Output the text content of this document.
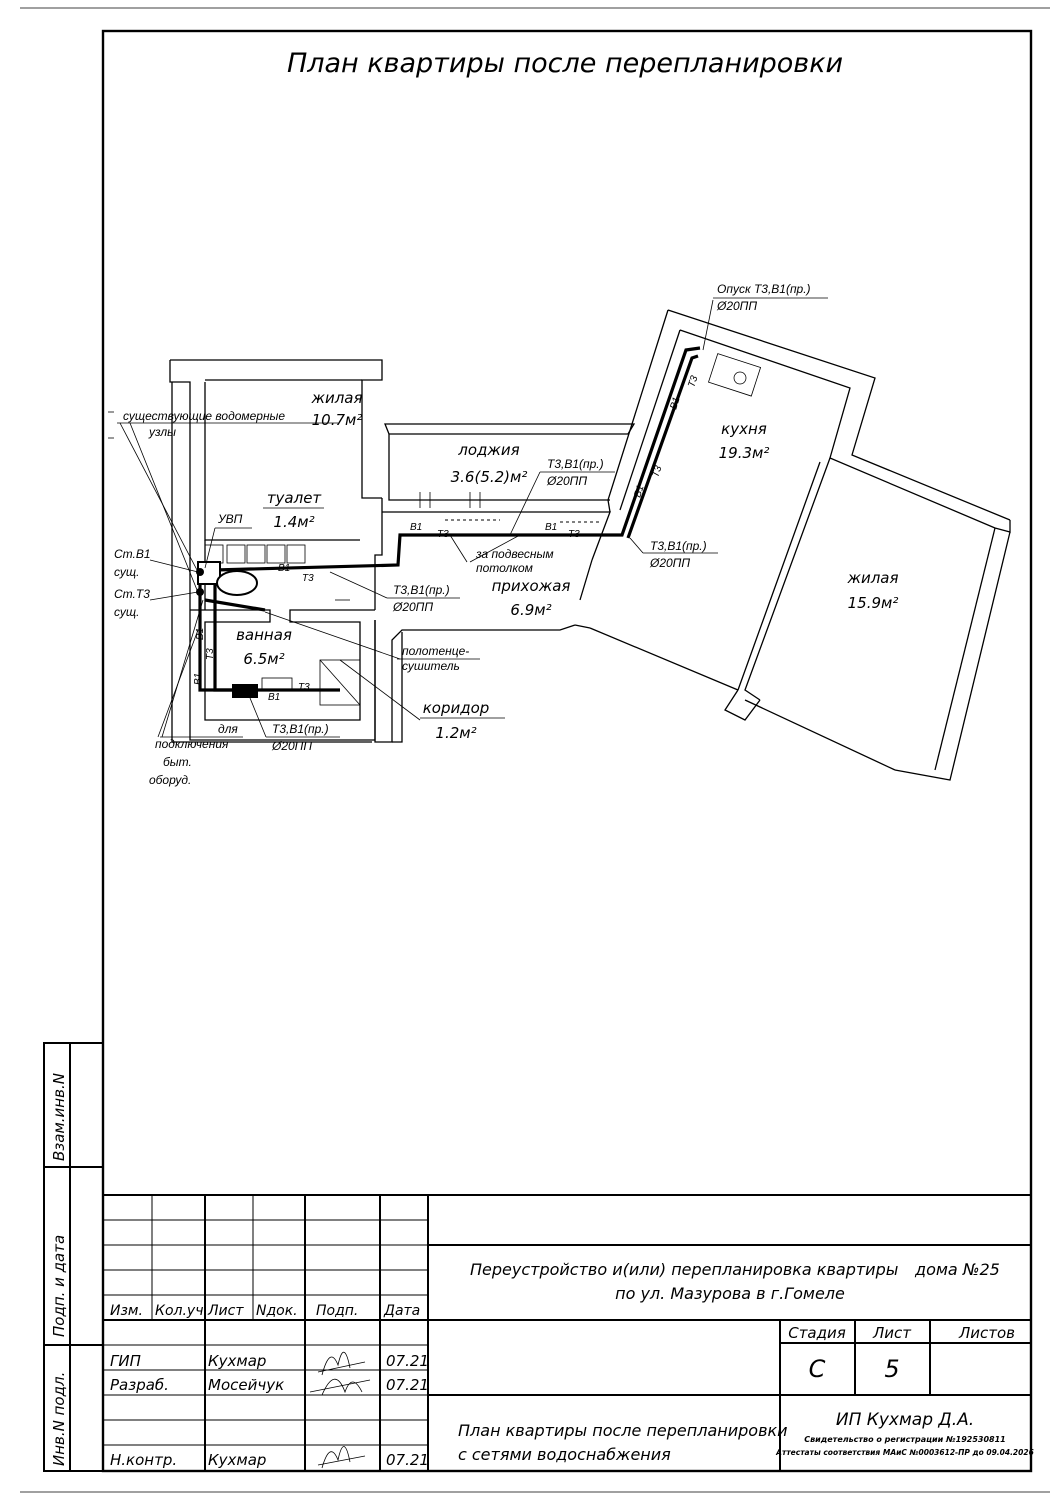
План квартиры после перепланировки
В1
Т3
В1
Т3
В1
Т3
В1
Т3
В1
Т3
В1
Т3
В1
Т3
В1
жилая
10.7м²
туалет
1.4м²
лоджия
3.6(5.2)м²
кухня
19.3м²
прихожая
6.9м²
ванная
6.5м²
жилая
15.9м²
коридор
1.2м²
Опуск Т3,В1(пр.)
Ø20ПП
существующие водомерные
узлы
УВП
Ст.В1
сущ.
Ст.Т3
сущ.
Т3,В1(пр.)
Ø20ПП
за подвесным
потолком
Т3,В1(пр.)
Ø20ПП
Т3,В1(пр.)
Ø20ПП
полотенце-
сушитель
Т3,В1(пр.)
Ø20ПП
для
подключения
быт.
оборуд.
Взам.инв.N
Подп. и дата
Инв.N подл.
Изм. Кол.уч. Лист Nдок. Подп. Дата
ГИП	Кухмар	07.21
Разраб.	Мосейчук	07.21
Н.контр. Кухмар	07.21
Переустройство и(или) перепланировка квартиры дома №25
по ул. Мазурова в г.Гомеле
Стадия Лист	Листов
С 5
План квартиры после перепланировки
с сетями водоснабжения
ИП Кухмар Д.А.
Свидетельство о регистрации №192530811
Аттестаты соответствия МАиС №0003612-ПР до 09.04.2026
